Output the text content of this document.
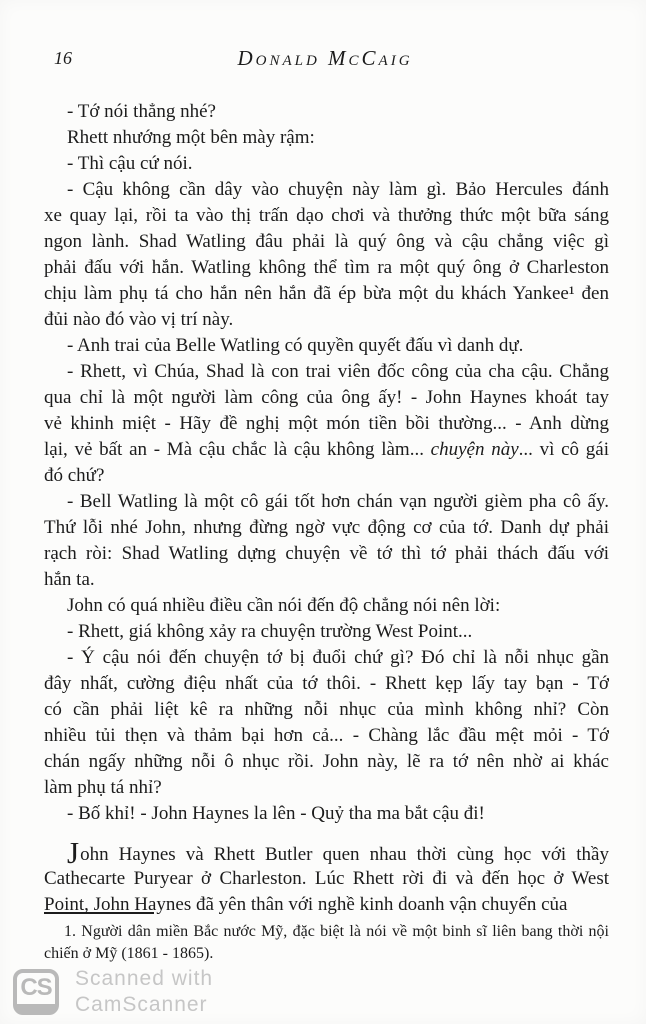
16	Donald McCaig
- Tớ nói thẳng nhé?
Rhett nhướng một bên mày rậm:
- Thì cậu cứ nói.
- Cậu không cần dây vào chuyện này làm gì. Bảo Hercules đánh
xe quay lại, rồi ta vào thị trấn dạo chơi và thưởng thức một bữa sáng
ngon lành. Shad Watling đâu phải là quý ông và cậu chẳng việc gì
phải đấu với hắn. Watling không thể tìm ra một quý ông ở Charleston
chịu làm phụ tá cho hắn nên hắn đã ép bừa một du khách Yankee¹ đen
đủi nào đó vào vị trí này.
- Anh trai của Belle Watling có quyền quyết đấu vì danh dự.
- Rhett, vì Chúa, Shad là con trai viên đốc công của cha cậu. Chẳng
qua chỉ là một người làm công của ông ấy! - John Haynes khoát tay
vẻ khinh miệt - Hãy đề nghị một món tiền bồi thường... - Anh dừng
lại, vẻ bất an - Mà cậu chắc là cậu không làm... chuyện này... vì cô gái
đó chứ?
- Bell Watling là một cô gái tốt hơn chán vạn người gièm pha cô ấy.
Thứ lỗi nhé John, nhưng đừng ngờ vực động cơ của tớ. Danh dự phải
rạch ròi: Shad Watling dựng chuyện về tớ thì tớ phải thách đấu với
hắn ta.
John có quá nhiều điều cần nói đến độ chẳng nói nên lời:
- Rhett, giá không xảy ra chuyện trường West Point...
- Ý cậu nói đến chuyện tớ bị đuổi chứ gì? Đó chỉ là nỗi nhục gần
đây nhất, cường điệu nhất của tớ thôi. - Rhett kẹp lấy tay bạn - Tớ
có cần phải liệt kê ra những nỗi nhục của mình không nhỉ? Còn
nhiều tủi thẹn và thảm bại hơn cả... - Chàng lắc đầu mệt mỏi - Tớ
chán ngấy những nỗi ô nhục rồi. John này, lẽ ra tớ nên nhờ ai khác
làm phụ tá nhỉ?
- Bố khỉ! - John Haynes la lên - Quỷ tha ma bắt cậu đi!
John Haynes và Rhett Butler quen nhau thời cùng học với thầy
Cathecarte Puryear ở Charleston. Lúc Rhett rời đi và đến học ở West
Point, John Haynes đã yên thân với nghề kinh doanh vận chuyển của
1. Người dân miền Bắc nước Mỹ, đặc biệt là nói về một binh sĩ liên bang thời nội
chiến ở Mỹ (1861 - 1865).
CS Scanned with
CamScanner
